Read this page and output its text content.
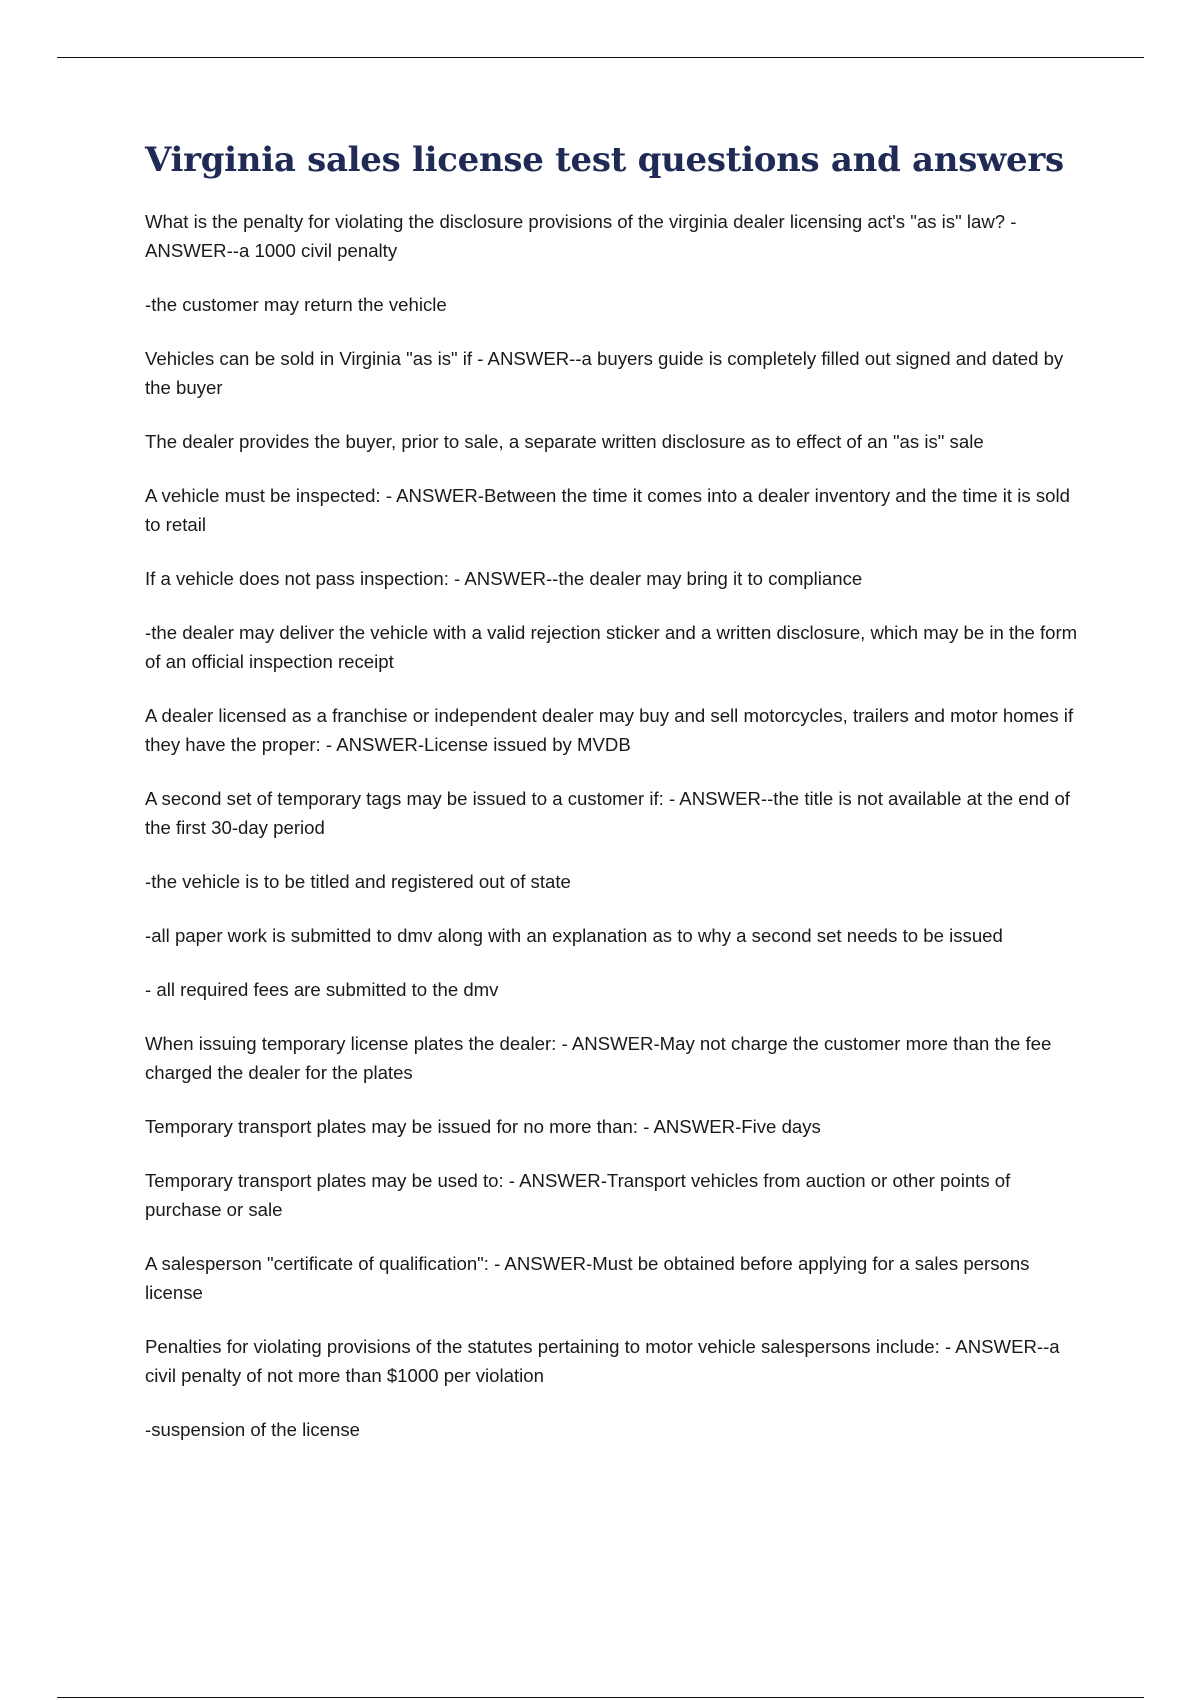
Virginia sales license test questions and answers

What is the penalty for violating the disclosure provisions of the virginia dealer licensing act's "as is" law? - ANSWER--a 1000 civil penalty

-the customer may return the vehicle

Vehicles can be sold in Virginia "as is" if - ANSWER--a buyers guide is completely filled out signed and dated by the buyer

The dealer provides the buyer, prior to sale, a separate written disclosure as to effect of an "as is" sale

A vehicle must be inspected: - ANSWER-Between the time it comes into a dealer inventory and the time it is sold to retail

If a vehicle does not pass inspection: - ANSWER--the dealer may bring it to compliance

-the dealer may deliver the vehicle with a valid rejection sticker and a written disclosure, which may be in the form of an official inspection receipt

A dealer licensed as a franchise or independent dealer may buy and sell motorcycles, trailers and motor homes if they have the proper: - ANSWER-License issued by MVDB

A second set of temporary tags may be issued to a customer if: - ANSWER--the title is not available at the end of the first 30-day period

-the vehicle is to be titled and registered out of state

-all paper work is submitted to dmv along with an explanation as to why a second set needs to be issued

- all required fees are submitted to the dmv

When issuing temporary license plates the dealer: - ANSWER-May not charge the customer more than the fee charged the dealer for the plates

Temporary transport plates may be issued for no more than: - ANSWER-Five days

Temporary transport plates may be used to: - ANSWER-Transport vehicles from auction or other points of purchase or sale

A salesperson "certificate of qualification": - ANSWER-Must be obtained before applying for a sales persons license

Penalties for violating provisions of the statutes pertaining to motor vehicle salespersons include: - ANSWER--a civil penalty of not more than $1000 per violation

-suspension of the license
